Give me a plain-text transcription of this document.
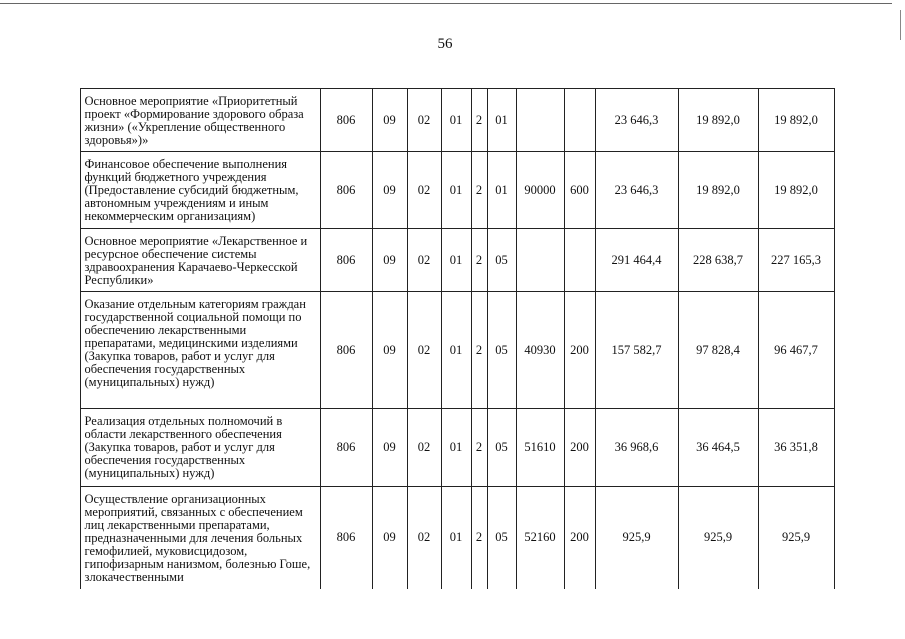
56
	Основное мероприятие «Приоритетный проект «Формирование здорового образа жизни» («Укрепление общественного здоровья»)»	806	09	02	01	2	01			23 646,3	19 892,0	19 892,0
	Финансовое обеспечение выполнения функций бюджетного учреждения (Предоставление субсидий бюджетным, автономным учреждениям и иным некоммерческим организациям)	806	09	02	01	2	01	90000	600	23 646,3	19 892,0	19 892,0
	Основное мероприятие «Лекарственное и ресурсное обеспечение системы здравоохранения Карачаево-Черкесской Республики»	806	09	02	01	2	05			291 464,4	228 638,7	227 165,3
	Оказание отдельным категориям граждан государственной социальной помощи по обеспечению лекарственными препаратами, медицинскими изделиями (Закупка товаров, работ и услуг для обеспечения государственных (муниципальных) нужд)	806	09	02	01	2	05	40930	200	157 582,7	97 828,4	96 467,7
	Реализация отдельных полномочий в области лекарственного обеспечения (Закупка товаров, работ и услуг для обеспечения государственных (муниципальных) нужд)	806	09	02	01	2	05	51610	200	36 968,6	36 464,5	36 351,8
	Осуществление организационных мероприятий, связанных с обеспечением лиц лекарственными препаратами, предназначенными для лечения больных гемофилией, муковисцидозом, гипофизарным нанизмом, болезнью Гоше, злокачественными	806	09	02	01	2	05	52160	200	925,9	925,9	925,9
